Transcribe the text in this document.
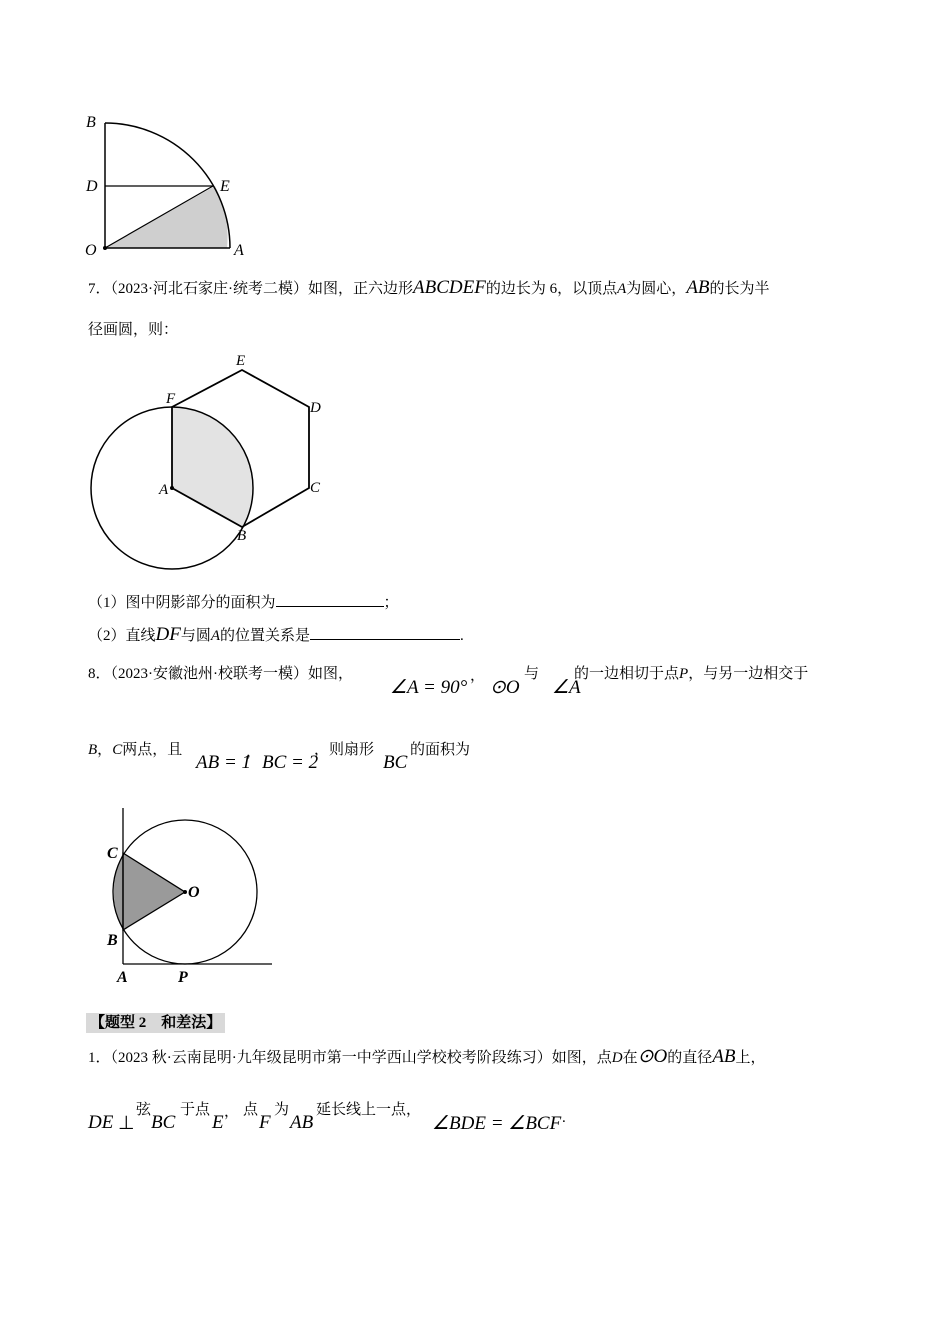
B
D	E
O	A
7．（2023·河北石家庄·统考二模）如图，正六边形ABCDEF的边长为 6，以顶点A为圆心，AB的长为半
径画圆，则：
E
F
D
A	C
B
（1）图中阴影部分的面积为	；
（2）直线DF与圆A的位置关系是	.
8．（2023·安徽池州·校联考一模）如图，
∠A = 90°
，
⊙O
与
∠A
的一边相切于点P，与另一边相交于
B，C两点，且
AB = 1
， BC = 2
，则扇形
BC
的面积为
C
O
B
A	P
【题型 2　和差法】
1．（2023 秋·云南昆明·九年级昆明市第一中学西山学校校考阶段练习）如图，点D在⊙O的直径AB上，
DE ⊥
弦
BC
于点
E ， 点
F
为
AB
延长线上一点，
∠BDE = ∠BCF .
